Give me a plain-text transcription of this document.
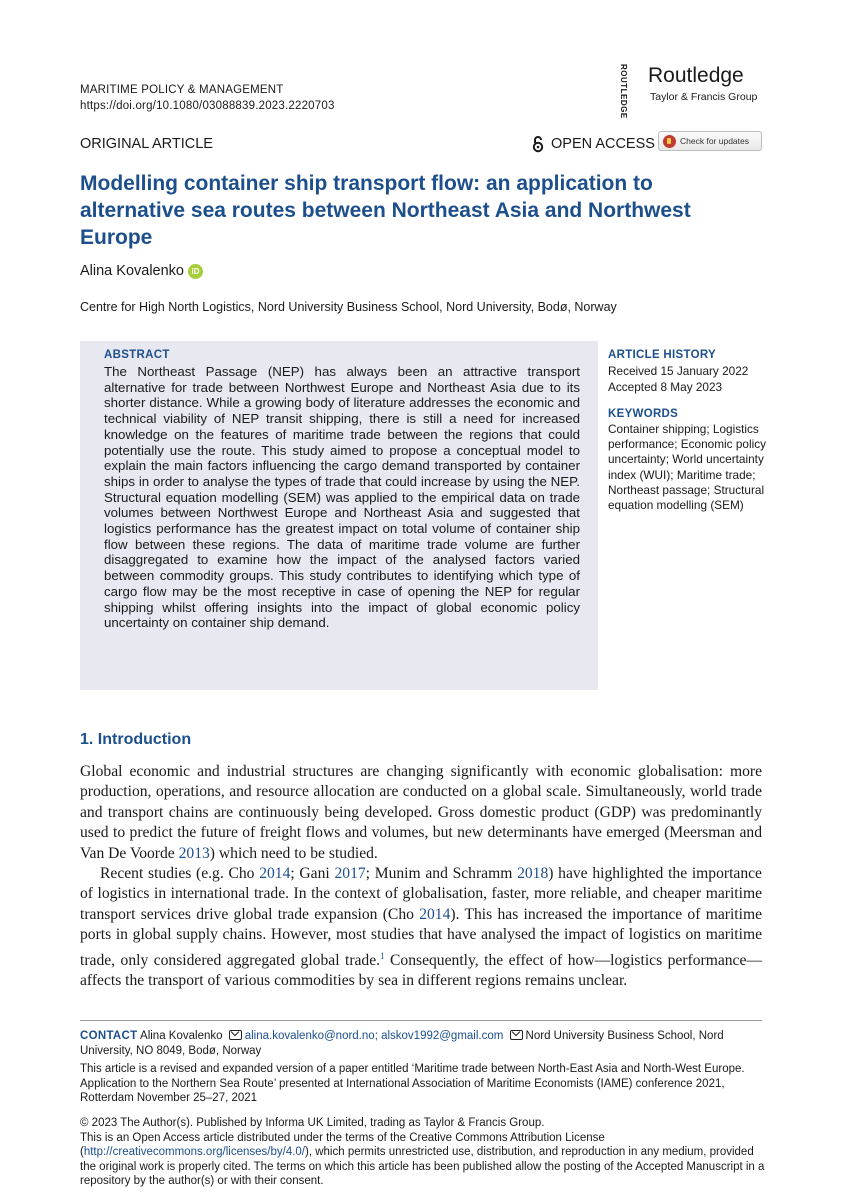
MARITIME POLICY & MANAGEMENT
https://doi.org/10.1080/03088839.2023.2220703	ROUTLEDGE Routledge
Taylor & Francis Group
ORIGINAL ARTICLE	OPEN ACCESS	Check for updates
Modelling container ship transport flow: an application to alternative sea routes between Northeast Asia and Northwest Europe
Alina Kovalenko iD
Centre for High North Logistics, Nord University Business School, Nord University, Bodø, Norway
ABSTRACT
The Northeast Passage (NEP) has always been an attractive transport alternative for trade between Northwest Europe and Northeast Asia due to its shorter distance. While a growing body of literature addresses the economic and technical viability of NEP transit shipping, there is still a need for increased knowledge on the features of maritime trade between the regions that could potentially use the route. This study aimed to propose a conceptual model to explain the main factors influencing the cargo demand transported by container ships in order to analyse the types of trade that could increase by using the NEP. Structural equation modelling (SEM) was applied to the empirical data on trade volumes between Northwest Europe and Northeast Asia and suggested that logistics performance has the greatest impact on total volume of container ship flow between these regions. The data of maritime trade volume are further disaggregated to examine how the impact of the analysed factors varied between commodity groups. This study contributes to identifying which type of cargo flow may be the most receptive in case of opening the NEP for regular shipping whilst offering insights into the impact of global economic policy uncertainty on container ship demand.
ARTICLE HISTORY
Received 15 January 2022
Accepted 8 May 2023
KEYWORDS
Container shipping; Logistics performance; Economic policy uncertainty; World uncertainty index (WUI); Maritime trade; Northeast passage; Structural equation modelling (SEM)
1. Introduction

Global economic and industrial structures are changing significantly with economic globalisation: more production, operations, and resource allocation are conducted on a global scale. Simultaneously, world trade and transport chains are continuously being developed. Gross domestic product (GDP) was predominantly used to predict the future of freight flows and volumes, but new determinants have emerged (Meersman and Van De Voorde 2013) which need to be studied.

Recent studies (e.g. Cho 2014; Gani 2017; Munim and Schramm 2018) have highlighted the importance of logistics in international trade. In the context of globalisation, faster, more reliable, and cheaper maritime transport services drive global trade expansion (Cho 2014). This has increased the importance of maritime ports in global supply chains. However, most studies that have analysed the impact of logistics on maritime trade, only considered aggregated global trade.$^1$ Consequently, the effect of how—logistics performance—affects the transport of various commodities by sea in different regions remains unclear.

CONTACT Alina Kovalenko alina.kovalenko@nord.no; alskov1992@gmail.com Nord University Business School, Nord University, NO 8049, Bodø, Norway
This article is a revised and expanded version of a paper entitled ‘Maritime trade between North-East Asia and North-West Europe. Application to the Northern Sea Route’ presented at International Association of Maritime Economists (IAME) conference 2021, Rotterdam November 25–27, 2021
© 2023 The Author(s). Published by Informa UK Limited, trading as Taylor & Francis Group.
This is an Open Access article distributed under the terms of the Creative Commons Attribution License (http://creativecommons.org/licenses/by/4.0/), which permits unrestricted use, distribution, and reproduction in any medium, provided the original work is properly cited. The terms on which this article has been published allow the posting of the Accepted Manuscript in a repository by the author(s) or with their consent.
